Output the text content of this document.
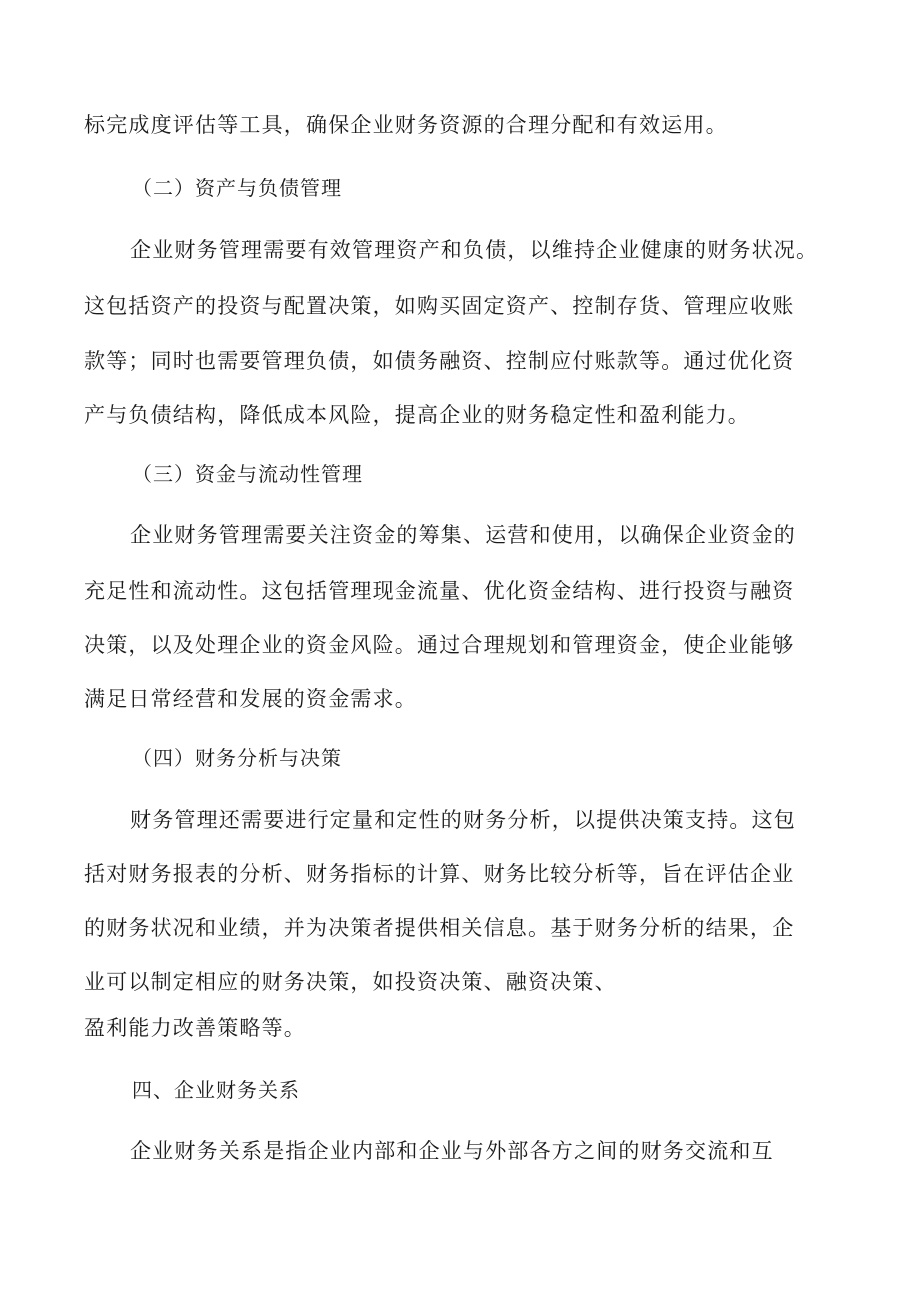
标完成度评估等工具，确保企业财务资源的合理分配和有效运用。
（二）资产与负债管理
企业财务管理需要有效管理资产和负债，以维持企业健康的财务状况。
这包括资产的投资与配置决策，如购买固定资产、控制存货、管理应收账
款等；同时也需要管理负债，如债务融资、控制应付账款等。通过优化资
产与负债结构，降低成本风险，提高企业的财务稳定性和盈利能力。
（三）资金与流动性管理
企业财务管理需要关注资金的筹集、运营和使用，以确保企业资金的
充足性和流动性。这包括管理现金流量、优化资金结构、进行投资与融资
决策，以及处理企业的资金风险。通过合理规划和管理资金，使企业能够
满足日常经营和发展的资金需求。
（四）财务分析与决策
财务管理还需要进行定量和定性的财务分析，以提供决策支持。这包
括对财务报表的分析、财务指标的计算、财务比较分析等，旨在评估企业
的财务状况和业绩，并为决策者提供相关信息。基于财务分析的结果，企
业可以制定相应的财务决策，如投资决策、融资决策、
盈利能力改善策略等。
四、企业财务关系
企业财务关系是指企业内部和企业与外部各方之间的财务交流和互
